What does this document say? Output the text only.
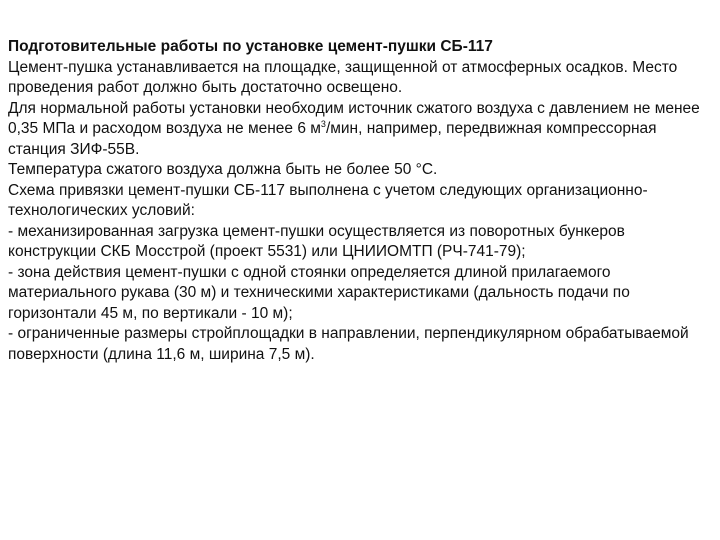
Подготовительные работы по установке цемент-пушки СБ-117

Цемент-пушка устанавливается на площадке, защищенной от атмосферных осадков. Место проведения работ должно быть достаточно освещено.

Для нормальной работы установки необходим источник сжатого воздуха с давлением не менее 0,35 МПа и расходом воздуха не менее 6 $м^3$/мин, например, передвижная компрессорная станция ЗИФ-55В.

Температура сжатого воздуха должна быть не более 50 °С.

Схема привязки цемент-пушки СБ-117 выполнена с учетом следующих организационно-технологических условий:

- механизированная загрузка цемент-пушки осуществляется из поворотных бункеров конструкции СКБ Мосстрой (проект 5531) или ЦНИИОМТП (РЧ-741-79);

- зона действия цемент-пушки с одной стоянки определяется длиной прилагаемого материального рукава (30 м) и техническими характеристиками (дальность подачи по горизонтали 45 м, по вертикали - 10 м);

- ограниченные размеры стройплощадки в направлении, перпендикулярном обрабатываемой поверхности (длина 11,6 м, ширина 7,5 м).
